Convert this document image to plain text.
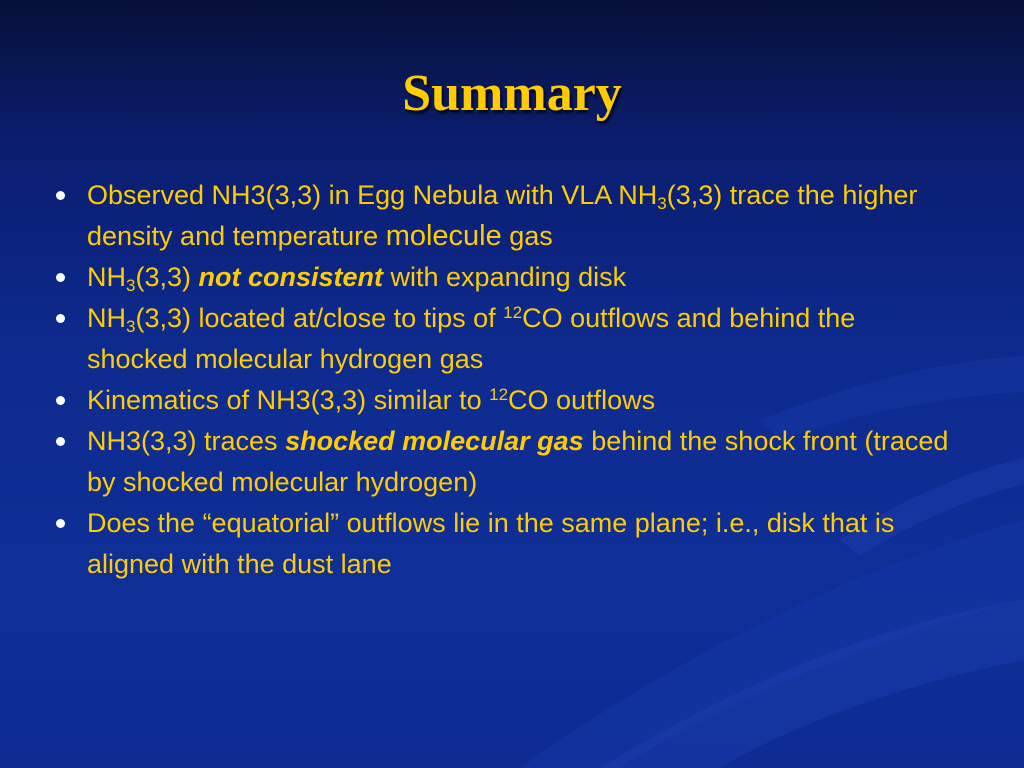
Summary
Observed NH3(3,3) in Egg Nebula with VLA $NH_3(3,3)$ trace the higher density and temperature molecule gas
$NH_3(3,3)$ not consistent with expanding disk
$NH_3(3,3)$ located at/close to tips of $^{12}$CO outflows and behind the shocked molecular hydrogen gas
Kinematics of NH3(3,3) similar to $^{12}$CO outflows
NH3(3,3) traces shocked molecular gas behind the shock front (traced by shocked molecular hydrogen)
Does the “equatorial” outflows lie in the same plane; i.e., disk that is aligned with the dust lane
